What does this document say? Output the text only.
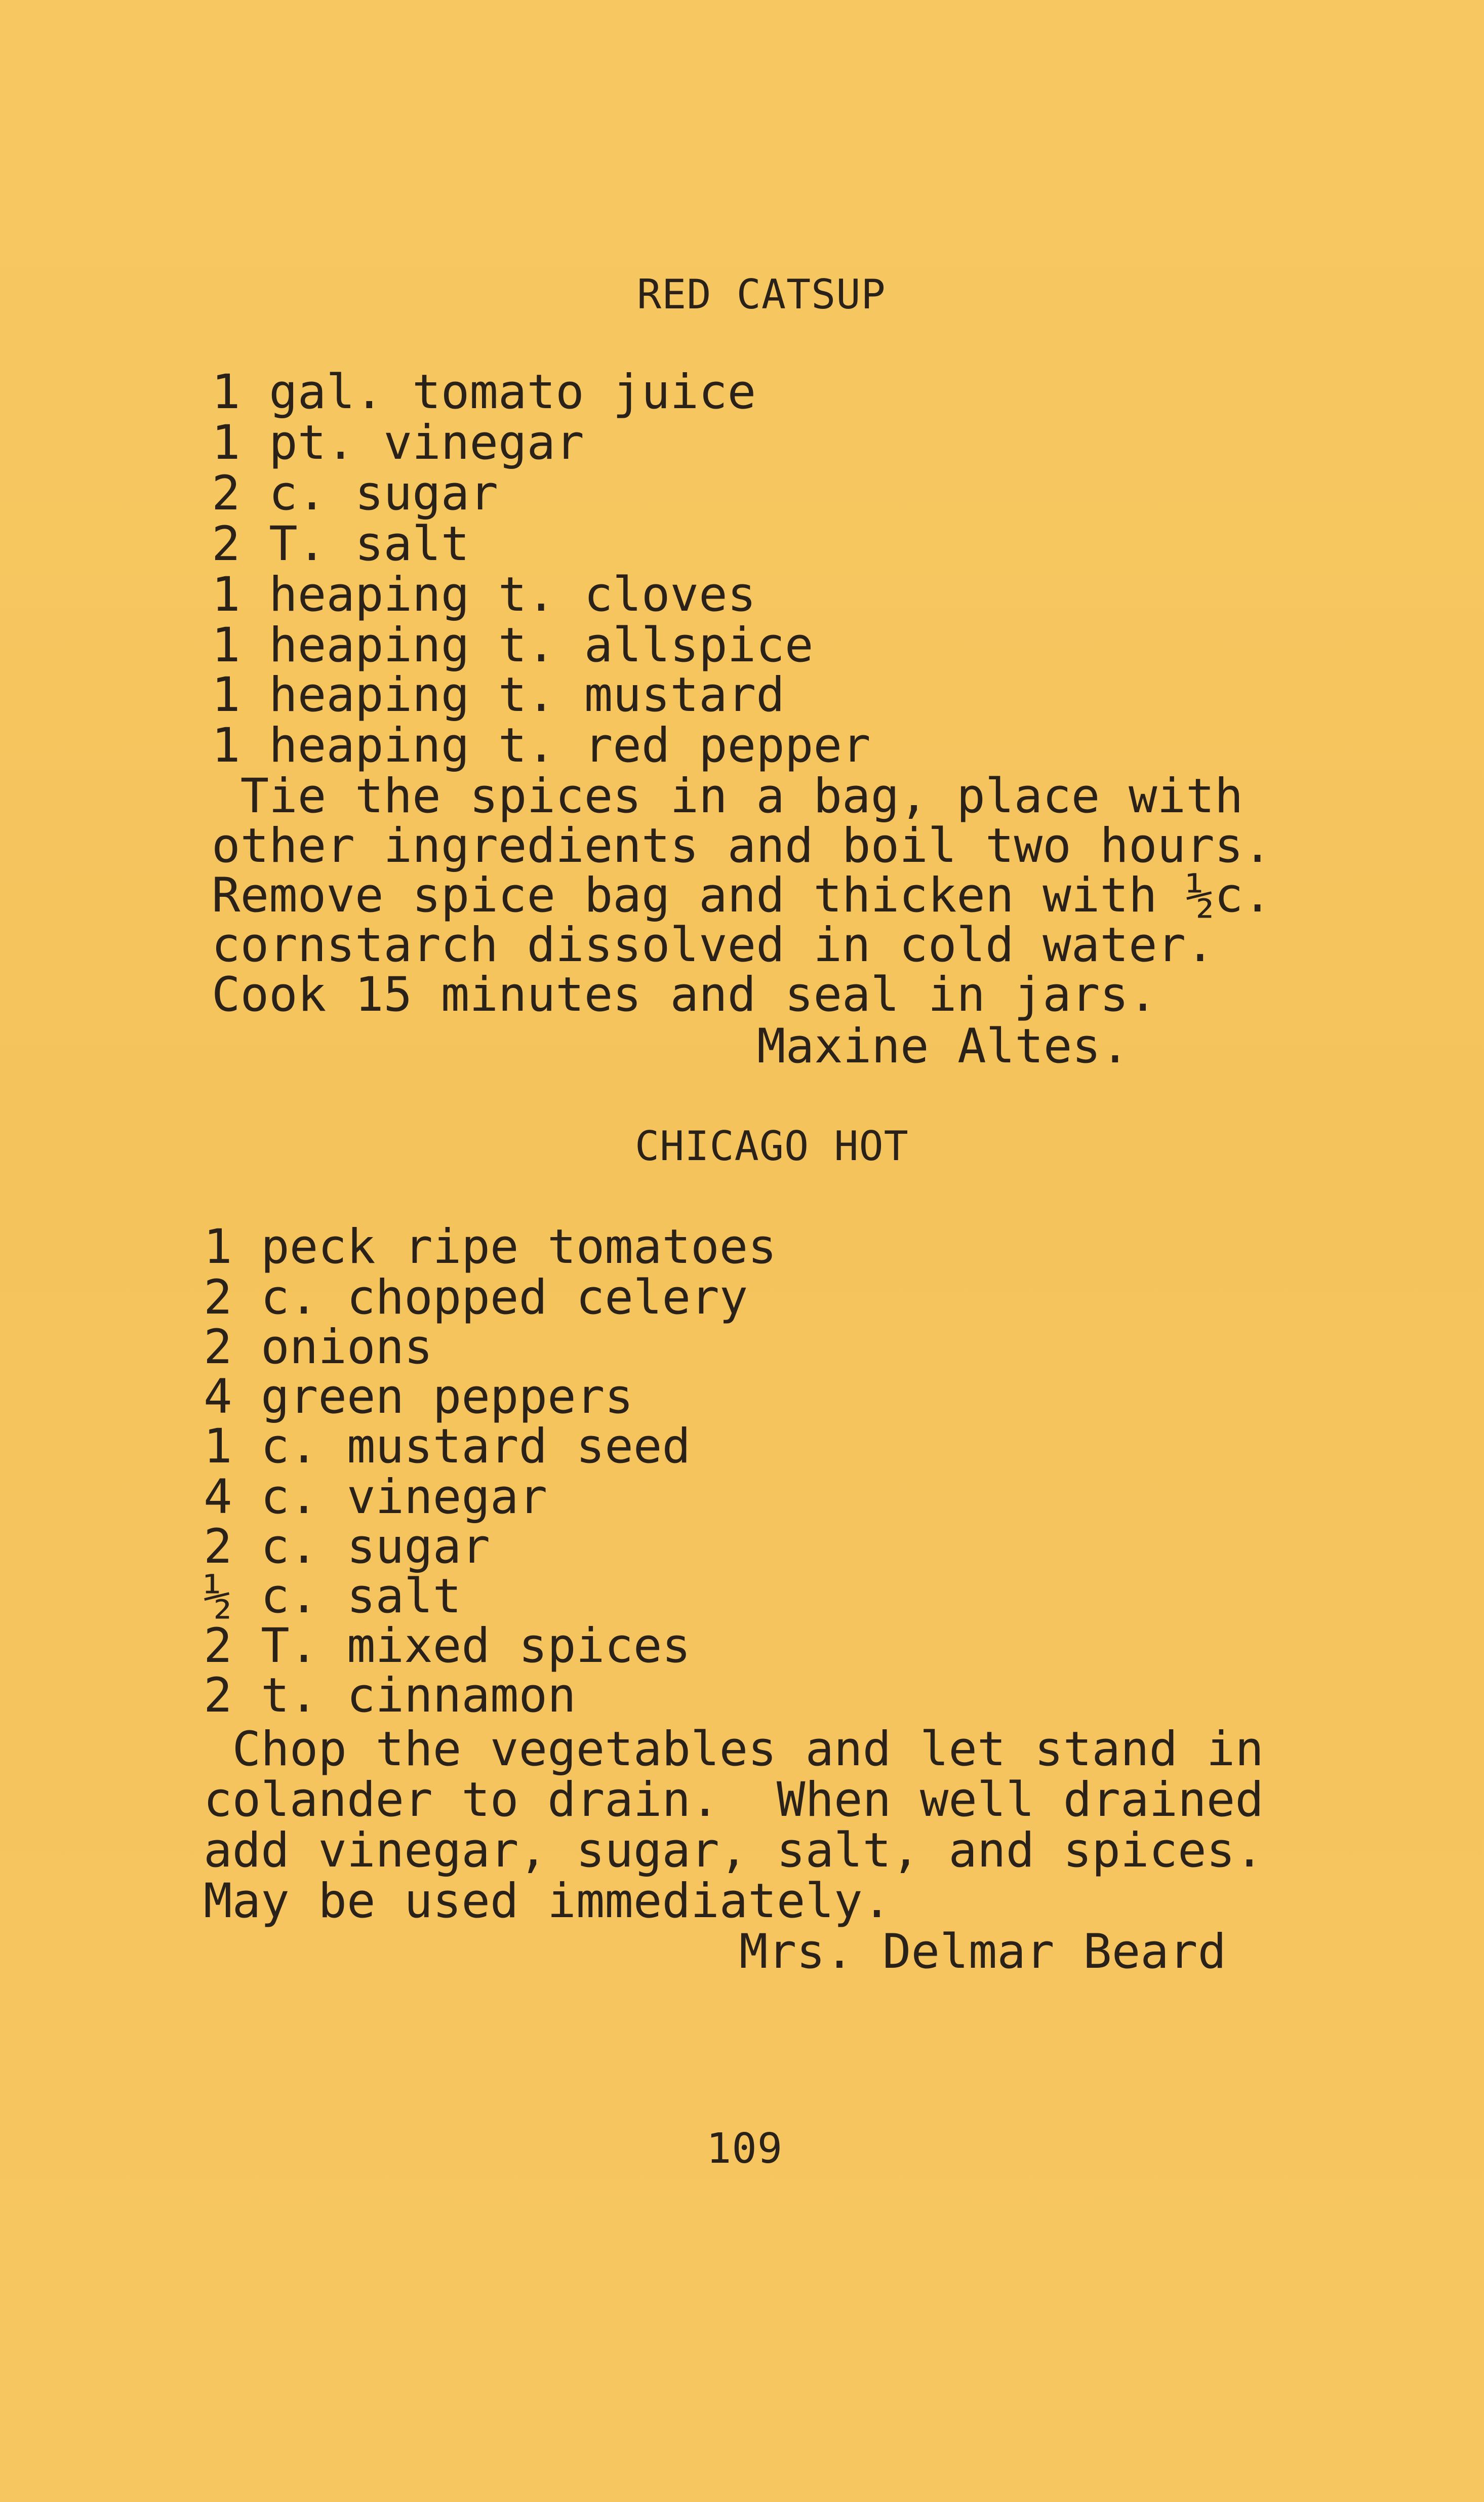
RED CATSUP
1 gal. tomato juice
1 pt. vinegar
2 c. sugar
2 T. salt
1 heaping t. cloves
1 heaping t. allspice
1 heaping t. mustard
1 heaping t. red pepper
Tie the spices in a bag, place with
other ingredients and boil two hours.
Remove spice bag and thicken with ½c.
cornstarch dissolved in cold water.
Cook 15 minutes and seal in jars.
Maxine Altes.
CHICAGO HOT
1 peck ripe tomatoes
2 c. chopped celery
2 onions
4 green peppers
1 c. mustard seed
4 c. vinegar
2 c. sugar
½ c. salt
2 T. mixed spices
2 t. cinnamon
Chop the vegetables and let stand in
colander to drain.  When well drained
add vinegar, sugar, salt, and spices.
May be used immediately.
Mrs. Delmar Beard
109
